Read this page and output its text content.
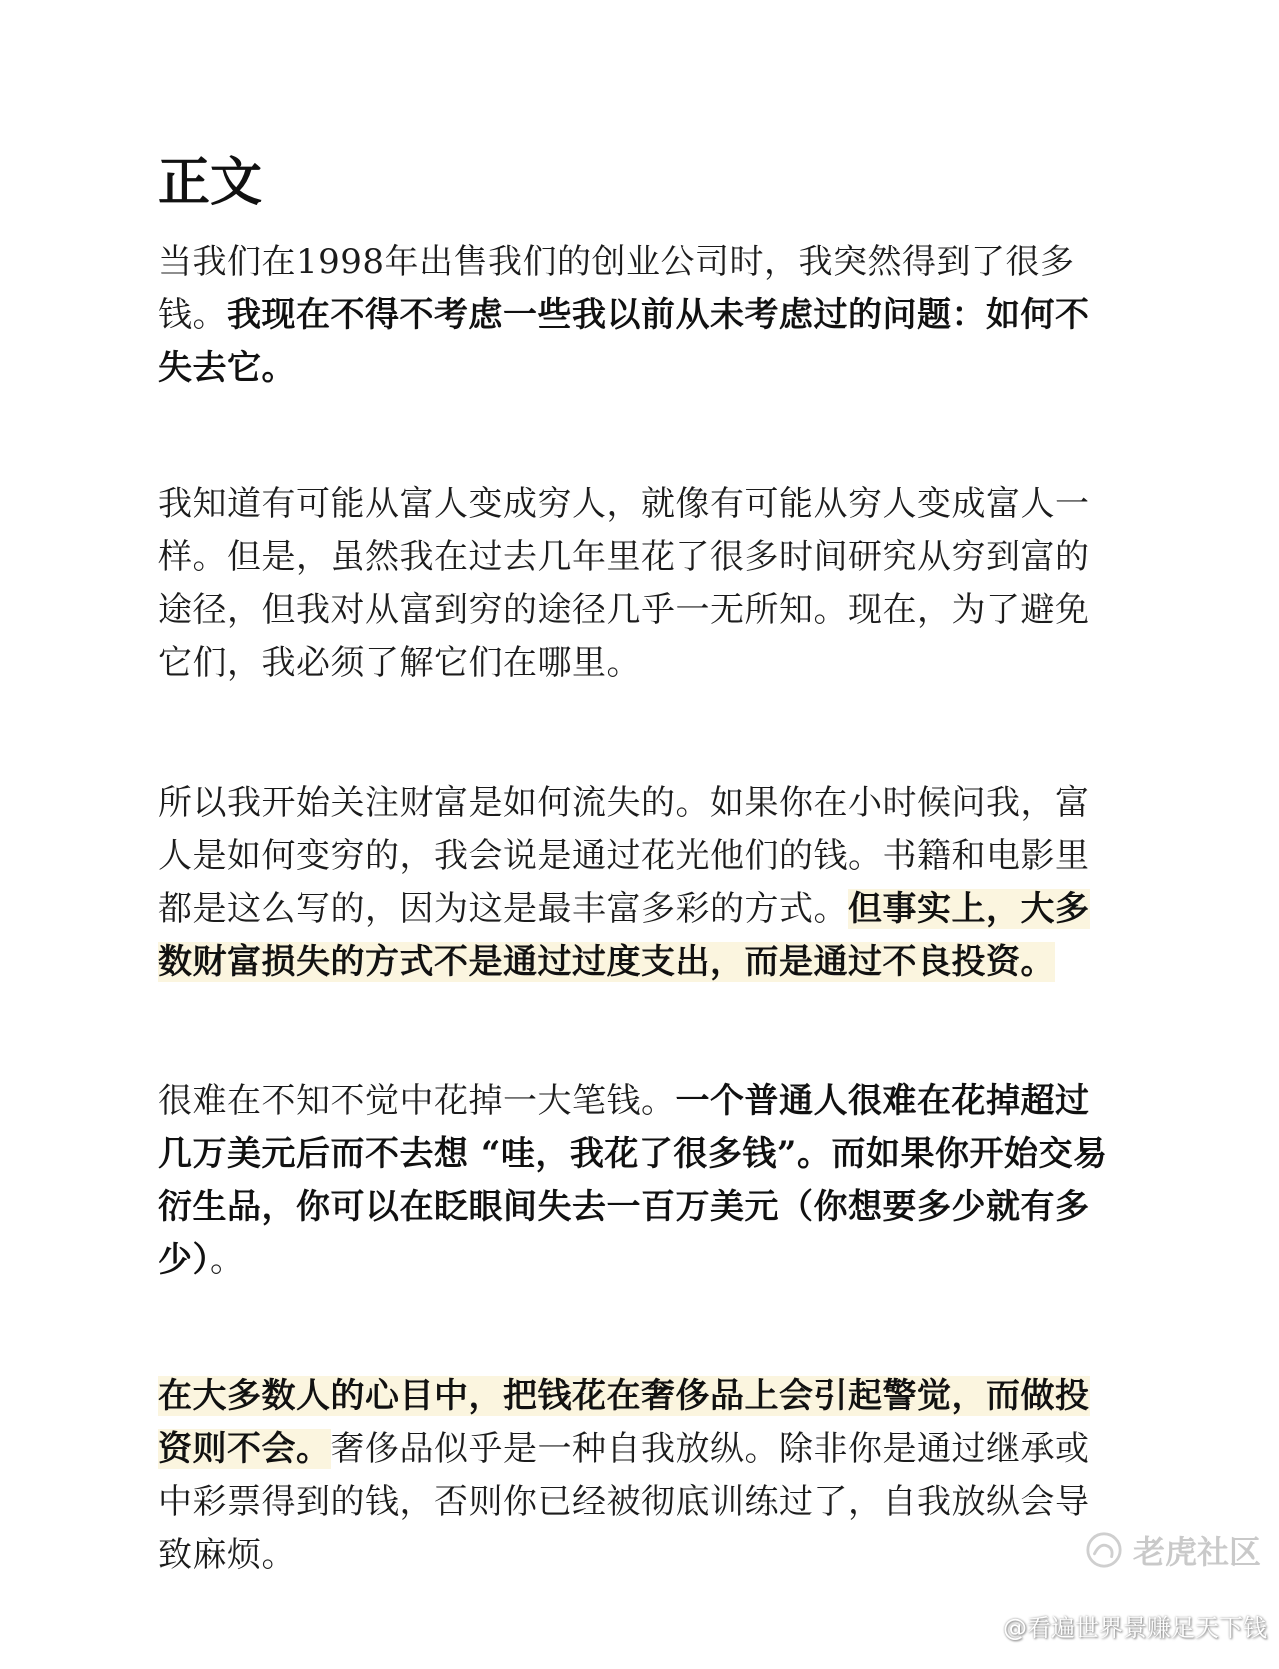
正文

当我们在1998年出售我们的创业公司时，我突然得到了很多钱。我现在不得不考虑一些我以前从未考虑过的问题：如何不失去它。

我知道有可能从富人变成穷人，就像有可能从穷人变成富人一样。但是，虽然我在过去几年里花了很多时间研究从穷到富的途径，但我对从富到穷的途径几乎一无所知。现在，为了避免它们，我必须了解它们在哪里。

所以我开始关注财富是如何流失的。如果你在小时候问我，富人是如何变穷的，我会说是通过花光他们的钱。书籍和电影里都是这么写的，因为这是最丰富多彩的方式。但事实上，大多数财富损失的方式不是通过过度支出，而是通过不良投资。

很难在不知不觉中花掉一大笔钱。一个普通人很难在花掉超过几万美元后而不去想 “哇，我花了很多钱”。而如果你开始交易衍生品，你可以在眨眼间失去一百万美元（你想要多少就有多少）。

在大多数人的心目中，把钱花在奢侈品上会引起警觉，而做投资则不会。奢侈品似乎是一种自我放纵。除非你是通过继承或中彩票得到的钱，否则你已经被彻底训练过了，自我放纵会导致麻烦。	老虎社区
@看遍世界景赚足天下钱
